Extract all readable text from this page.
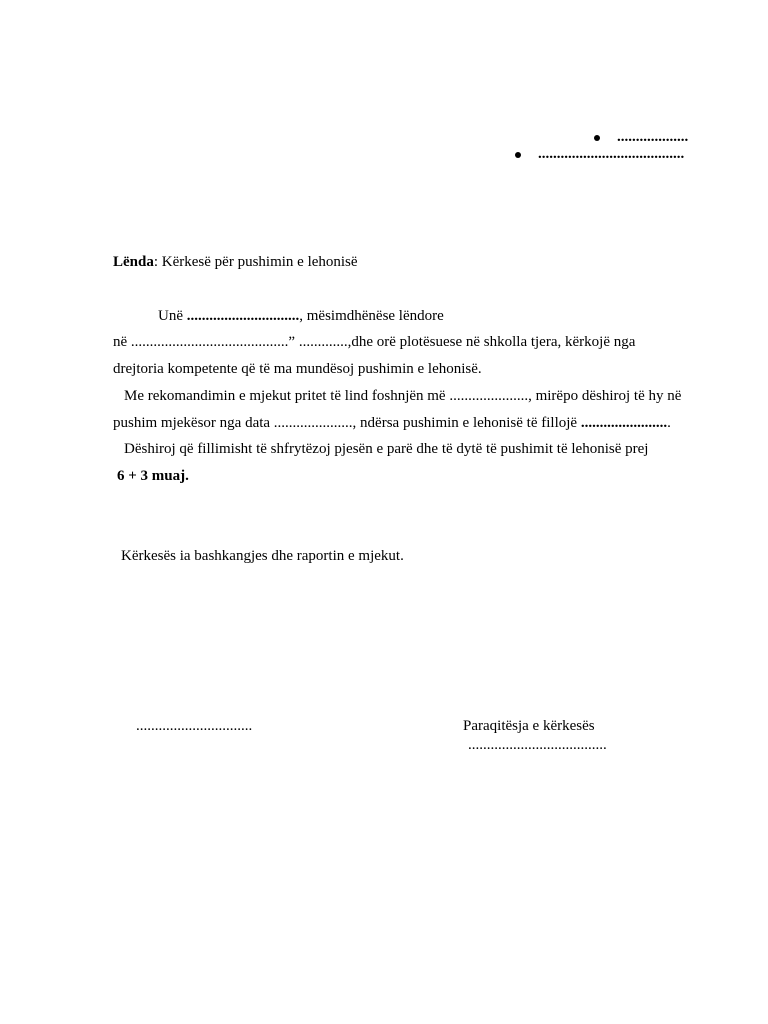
...................
.......................................
Lënda: Kërkesë për pushimin e lehonisë
Unë .............................., mësimdhënëse lëndore
në ..........................................” .............,dhe orë plotësuese në shkolla tjera, kërkojë nga
drejtoria kompetente që të ma mundësoj pushimin e lehonisë.
Me rekomandimin e mjekut pritet të lind foshnjën më ....................., mirëpo dëshiroj të hy në
pushim mjekësor nga data ....................., ndërsa pushimin e lehonisë të fillojë ........................
Dëshiroj që fillimisht të shfrytëzoj pjesën e parë dhe të dytë të pushimit të lehonisë prej
6 + 3 muaj.
Kërkesës ia bashkangjes dhe raportin e mjekut.
...............................	Paraqitësja e kërkesës
.....................................
